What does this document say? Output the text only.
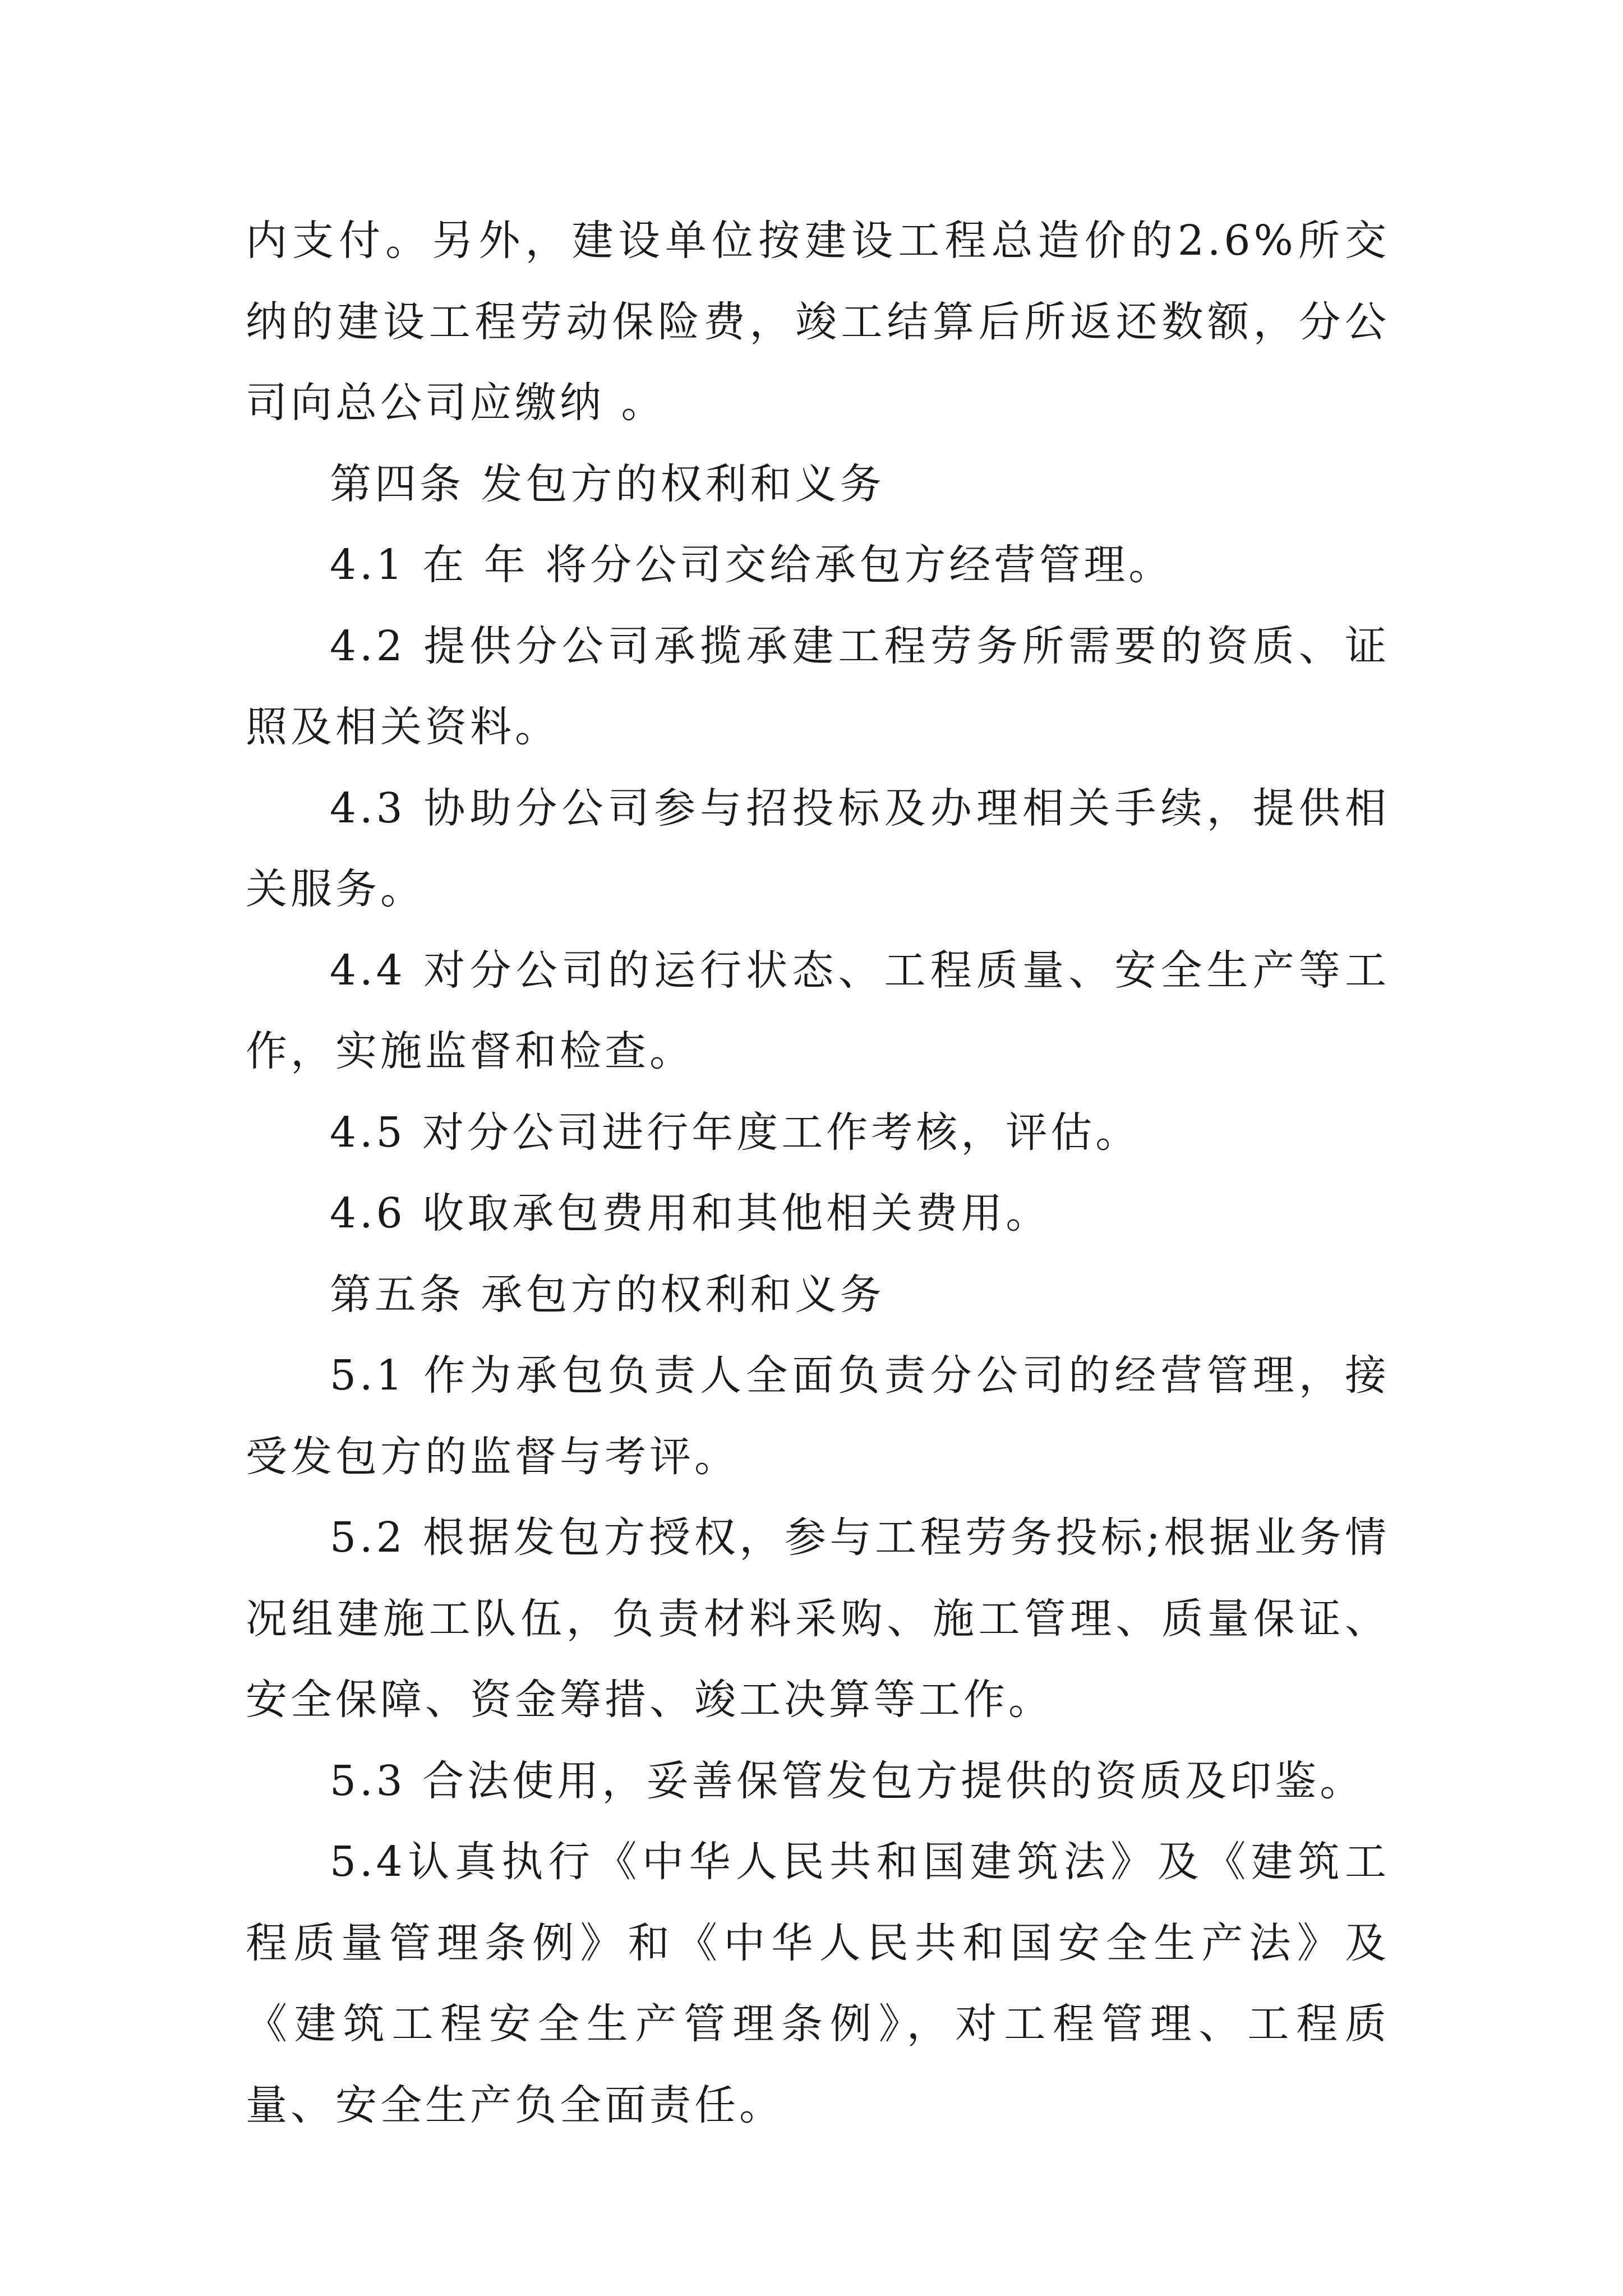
内支付。另外，建设单位按建设工程总造价的2.6%所交纳的建设工程劳动保险费，竣工结算后所返还数额，分公司向总公司应缴纳 。

第四条 发包方的权利和义务

4.1 在 年 将分公司交给承包方经营管理。

4.2 提供分公司承揽承建工程劳务所需要的资质、证照及相关资料。

4.3 协助分公司参与招投标及办理相关手续，提供相关服务。

4.4 对分公司的运行状态、工程质量、安全生产等工作，实施监督和检查。

4.5 对分公司进行年度工作考核，评估。

4.6 收取承包费用和其他相关费用。

第五条 承包方的权利和义务

5.1 作为承包负责人全面负责分公司的经营管理，接受发包方的监督与考评。

5.2 根据发包方授权，参与工程劳务投标;根据业务情况组建施工队伍，负责材料采购、施工管理、质量保证、安全保障、资金筹措、竣工决算等工作。

5.3 合法使用，妥善保管发包方提供的资质及印鉴。

5.4认真执行《中华人民共和国建筑法》及《建筑工程质量管理条例》和《中华人民共和国安全生产法》及《建筑工程安全生产管理条例》，对工程管理、工程质量、安全生产负全面责任。
